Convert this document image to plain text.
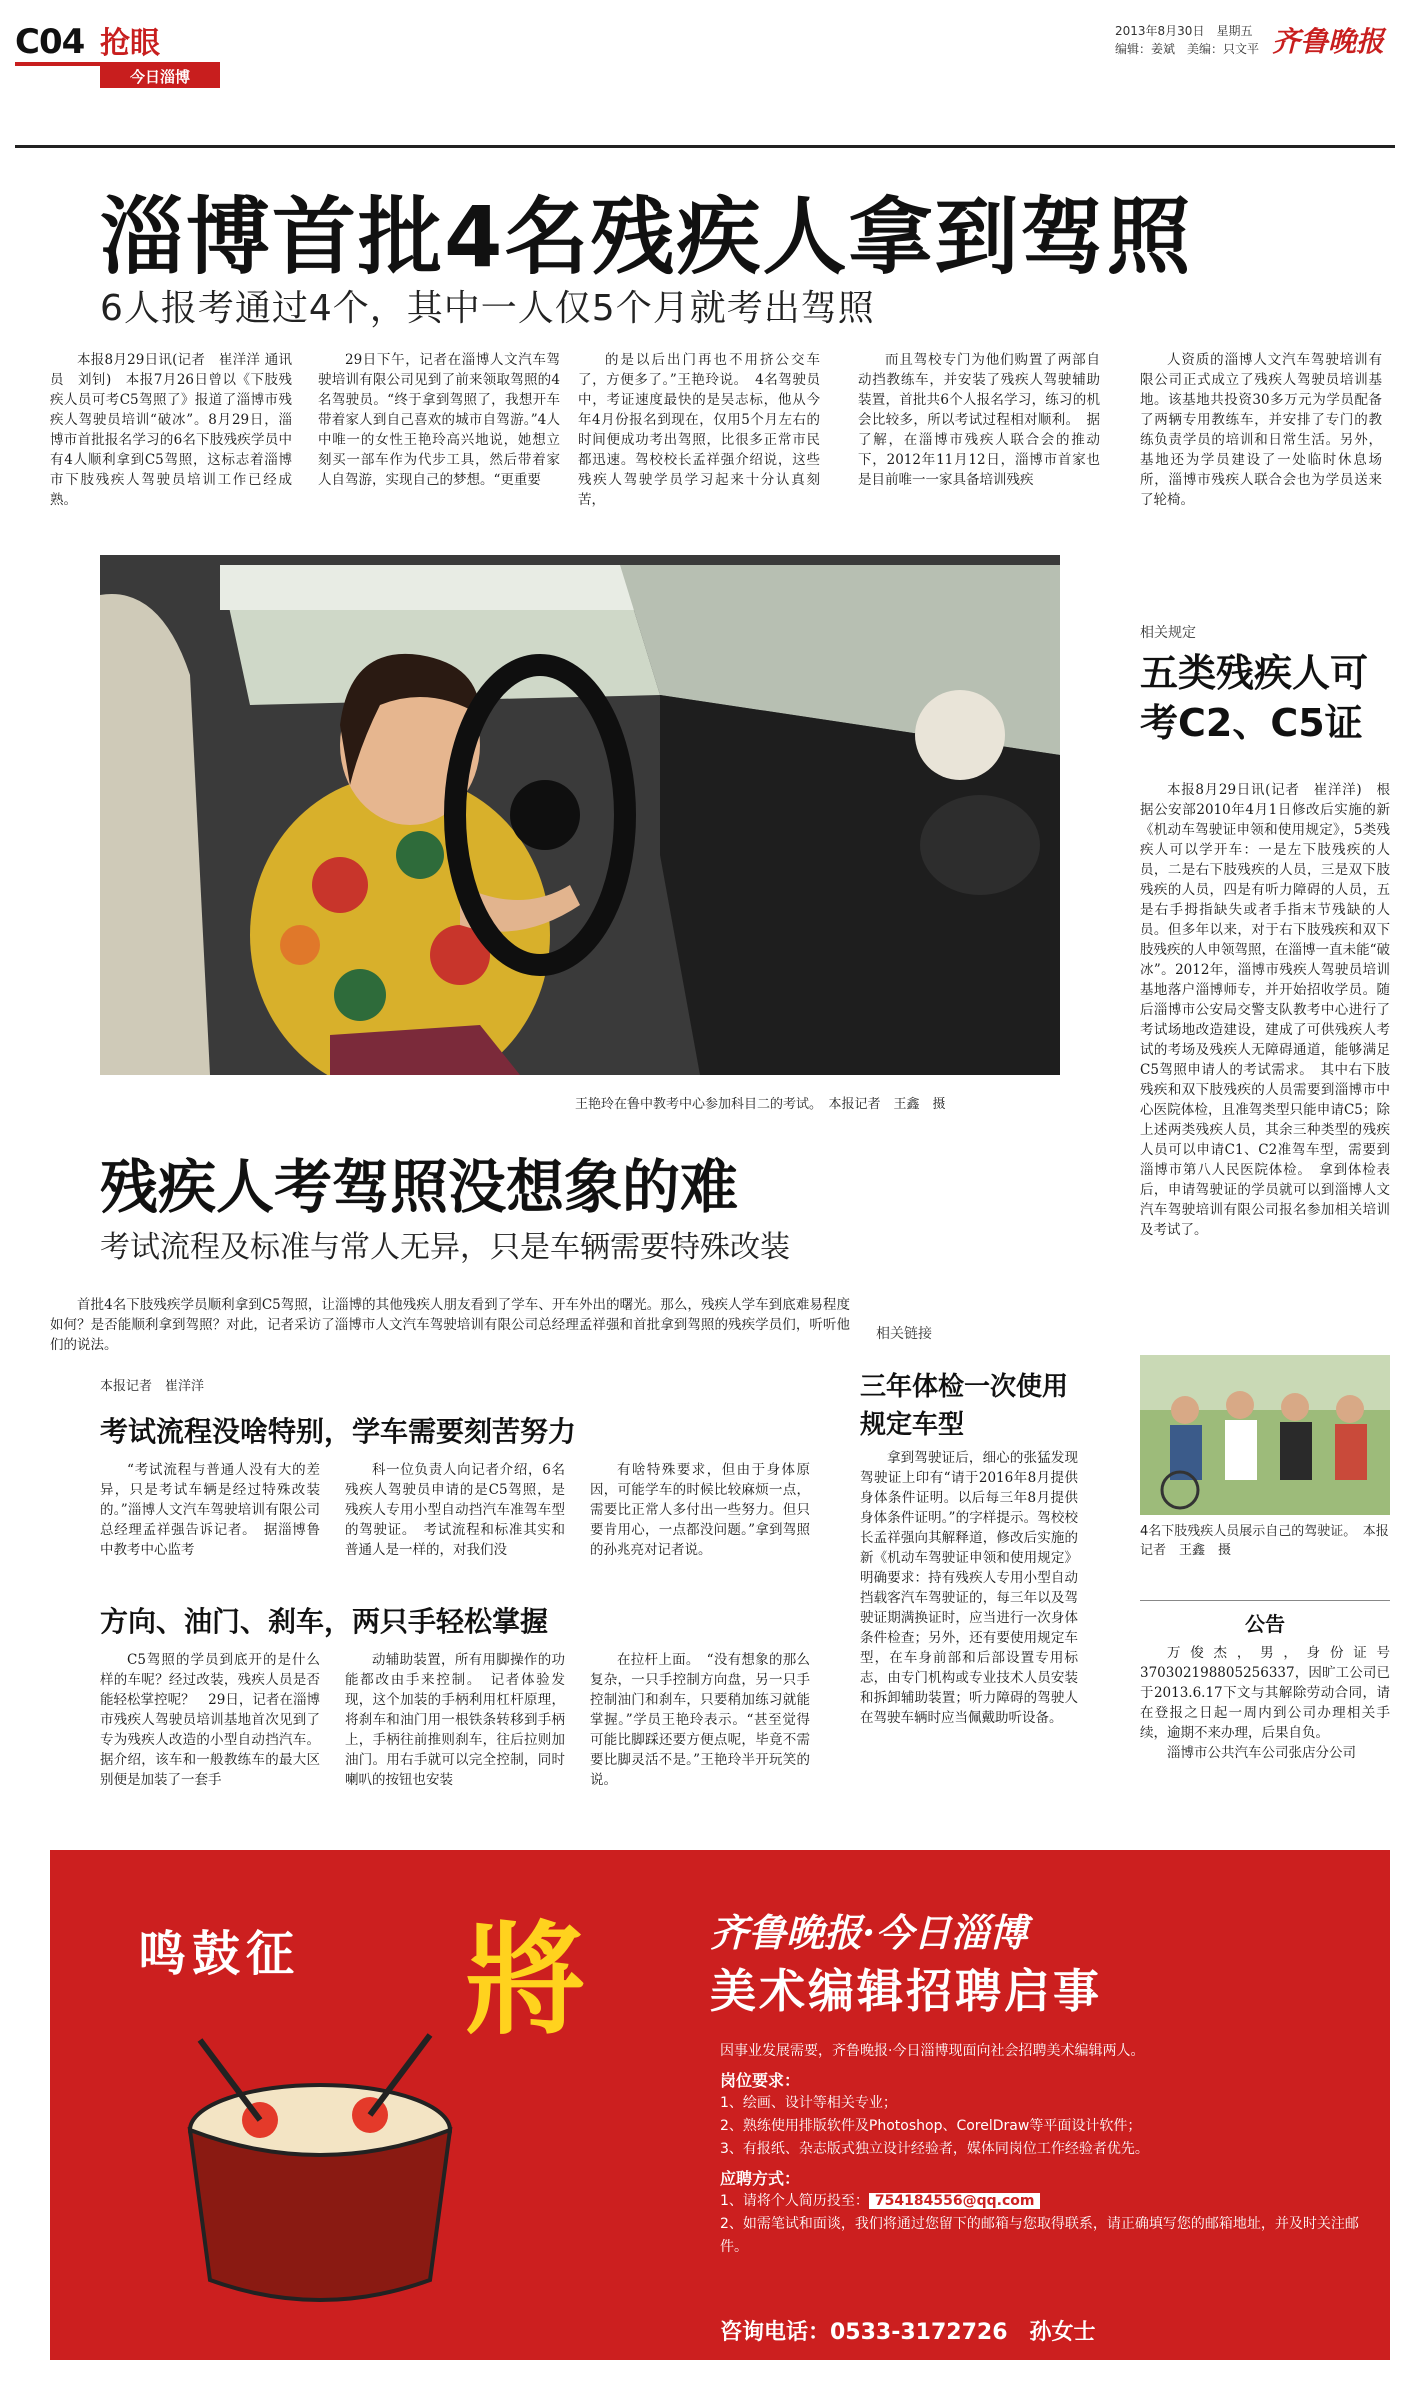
C04 抢眼
今日淄博
2013年8月30日　星期五
编辑：姜斌　美编：只文平 齐鲁晚报
淄博首批4名残疾人拿到驾照
6人报考通过4个，其中一人仅5个月就考出驾照
本报8月29日讯(记者　崔洋洋 通讯员　刘钊)　本报7月26日曾以《下肢残疾人员可考C5驾照了》报道了淄博市残疾人驾驶员培训“破冰”。8月29日，淄博市首批报名学习的6名下肢残疾学员中有4人顺利拿到C5驾照，这标志着淄博市下肢残疾人驾驶员培训工作已经成熟。
29日下午，记者在淄博人文汽车驾驶培训有限公司见到了前来领取驾照的4名驾驶员。“终于拿到驾照了，我想开车带着家人到自己喜欢的城市自驾游。”4人中唯一的女性王艳玲高兴地说，她想立刻买一部车作为代步工具，然后带着家人自驾游，实现自己的梦想。“更重要
的是以后出门再也不用挤公交车了，方便多了。”王艳玲说。　4名驾驶员中，考证速度最快的是吴志标，他从今年4月份报名到现在，仅用5个月左右的时间便成功考出驾照，比很多正常市民都迅速。驾校校长孟祥强介绍说，这些残疾人驾驶学员学习起来十分认真刻苦，
而且驾校专门为他们购置了两部自动挡教练车，并安装了残疾人驾驶辅助装置，首批共6个人报名学习，练习的机会比较多，所以考试过程相对顺利。　据了解，在淄博市残疾人联合会的推动下，2012年11月12日，淄博市首家也是目前唯一一家具备培训残疾
人资质的淄博人文汽车驾驶培训有限公司正式成立了残疾人驾驶员培训基地。该基地共投资30多万元为学员配备了两辆专用教练车，并安排了专门的教练负责学员的培训和日常生活。另外，基地还为学员建设了一处临时休息场所，淄博市残疾人联合会也为学员送来了轮椅。
王艳玲在鲁中教考中心参加科目二的考试。　本报记者　王鑫　摄
相关规定
五类残疾人可考C2、C5证
本报8月29日讯(记者　崔洋洋)　根据公安部2010年4月1日修改后实施的新《机动车驾驶证申领和使用规定》，5类残疾人可以学开车：一是左下肢残疾的人员，二是右下肢残疾的人员，三是双下肢残疾的人员，四是有听力障碍的人员，五是右手拇指缺失或者手指末节残缺的人员。但多年以来，对于右下肢残疾和双下肢残疾的人申领驾照，在淄博一直未能“破冰”。2012年，淄博市残疾人驾驶员培训基地落户淄博师专，并开始招收学员。随后淄博市公安局交警支队教考中心进行了考试场地改造建设，建成了可供残疾人考试的考场及残疾人无障碍通道，能够满足C5驾照申请人的考试需求。　其中右下肢残疾和双下肢残疾的人员需要到淄博市中心医院体检，且准驾类型只能申请C5；除上述两类残疾人员，其余三种类型的残疾人员可以申请C1、C2准驾车型，需要到淄博市第八人民医院体检。　拿到体检表后，申请驾驶证的学员就可以到淄博人文汽车驾驶培训有限公司报名参加相关培训及考试了。
4名下肢残疾人员展示自己的驾驶证。　本报记者　王鑫　摄
公告

万俊杰，男，身份证号370302198805256337，因旷工公司已于2013.6.17下文与其解除劳动合同，请在登报之日起一周内到公司办理相关手续，逾期不来办理，后果自负。

淄博市公共汽车公司张店分公司

残疾人考驾照没想象的难
考试流程及标准与常人无异，只是车辆需要特殊改装
首批4名下肢残疾学员顺利拿到C5驾照，让淄博的其他残疾人朋友看到了学车、开车外出的曙光。那么，残疾人学车到底难易程度如何？是否能顺利拿到驾照？对此，记者采访了淄博市人文汽车驾驶培训有限公司总经理孟祥强和首批拿到驾照的残疾学员们，听听他们的说法。
本报记者　崔洋洋
考试流程没啥特别，学车需要刻苦努力
“考试流程与普通人没有大的差异，只是考试车辆是经过特殊改装的。”淄博人文汽车驾驶培训有限公司总经理孟祥强告诉记者。　据淄博鲁中教考中心监考
科一位负责人向记者介绍，6名残疾人驾驶员申请的是C5驾照，是残疾人专用小型自动挡汽车准驾车型的驾驶证。　考试流程和标准其实和普通人是一样的，对我们没
有啥特殊要求，但由于身体原因，可能学车的时候比较麻烦一点，需要比正常人多付出一些努力。但只要肯用心，一点都没问题。”拿到驾照的孙兆亮对记者说。
方向、油门、刹车，两只手轻松掌握
C5驾照的学员到底开的是什么样的车呢？经过改装，残疾人员是否能轻松掌控呢？　29日，记者在淄博市残疾人驾驶员培训基地首次见到了专为残疾人改造的小型自动挡汽车。据介绍，该车和一般教练车的最大区别便是加装了一套手
动辅助装置，所有用脚操作的功能都改由手来控制。　记者体验发现，这个加装的手柄利用杠杆原理，将刹车和油门用一根铁条转移到手柄上，手柄往前推则刹车，往后拉则加油门。用右手就可以完全控制，同时喇叭的按钮也安装
在拉杆上面。　“没有想象的那么复杂，一只手控制方向盘，另一只手控制油门和刹车，只要稍加练习就能掌握。”学员王艳玲表示。“甚至觉得可能比脚踩还要方便点呢，毕竟不需要比脚灵活不是。”王艳玲半开玩笑的说。
相关链接
三年体检一次使用规定车型
拿到驾驶证后，细心的张猛发现驾驶证上印有“请于2016年8月提供身体条件证明。以后每三年8月提供身体条件证明。”的字样提示。驾校校长孟祥强向其解释道，修改后实施的新《机动车驾驶证申领和使用规定》明确要求：持有残疾人专用小型自动挡载客汽车驾驶证的，每三年以及驾驶证期满换证时，应当进行一次身体条件检查；另外，还有要使用规定车型，在车身前部和后部设置专用标志，由专门机构或专业技术人员安装和拆卸辅助装置；听力障碍的驾驶人在驾驶车辆时应当佩戴助听设备。
鸣鼓征 將	齐鲁晚报·今日淄博
美术编辑招聘启事
因事业发展需要，齐鲁晚报·今日淄博现面向社会招聘美术编辑两人。
岗位要求：
1、绘画、设计等相关专业；
2、熟练使用排版软件及Photoshop、CorelDraw等平面设计软件；
3、有报纸、杂志版式独立设计经验者，媒体同岗位工作经验者优先。
应聘方式：
1、请将个人简历投至： 754184556@qq.com
2、如需笔试和面谈，我们将通过您留下的邮箱与您取得联系，请正确填写您的邮箱地址，并及时关注邮件。
咨询电话：0533-3172726　孙女士
